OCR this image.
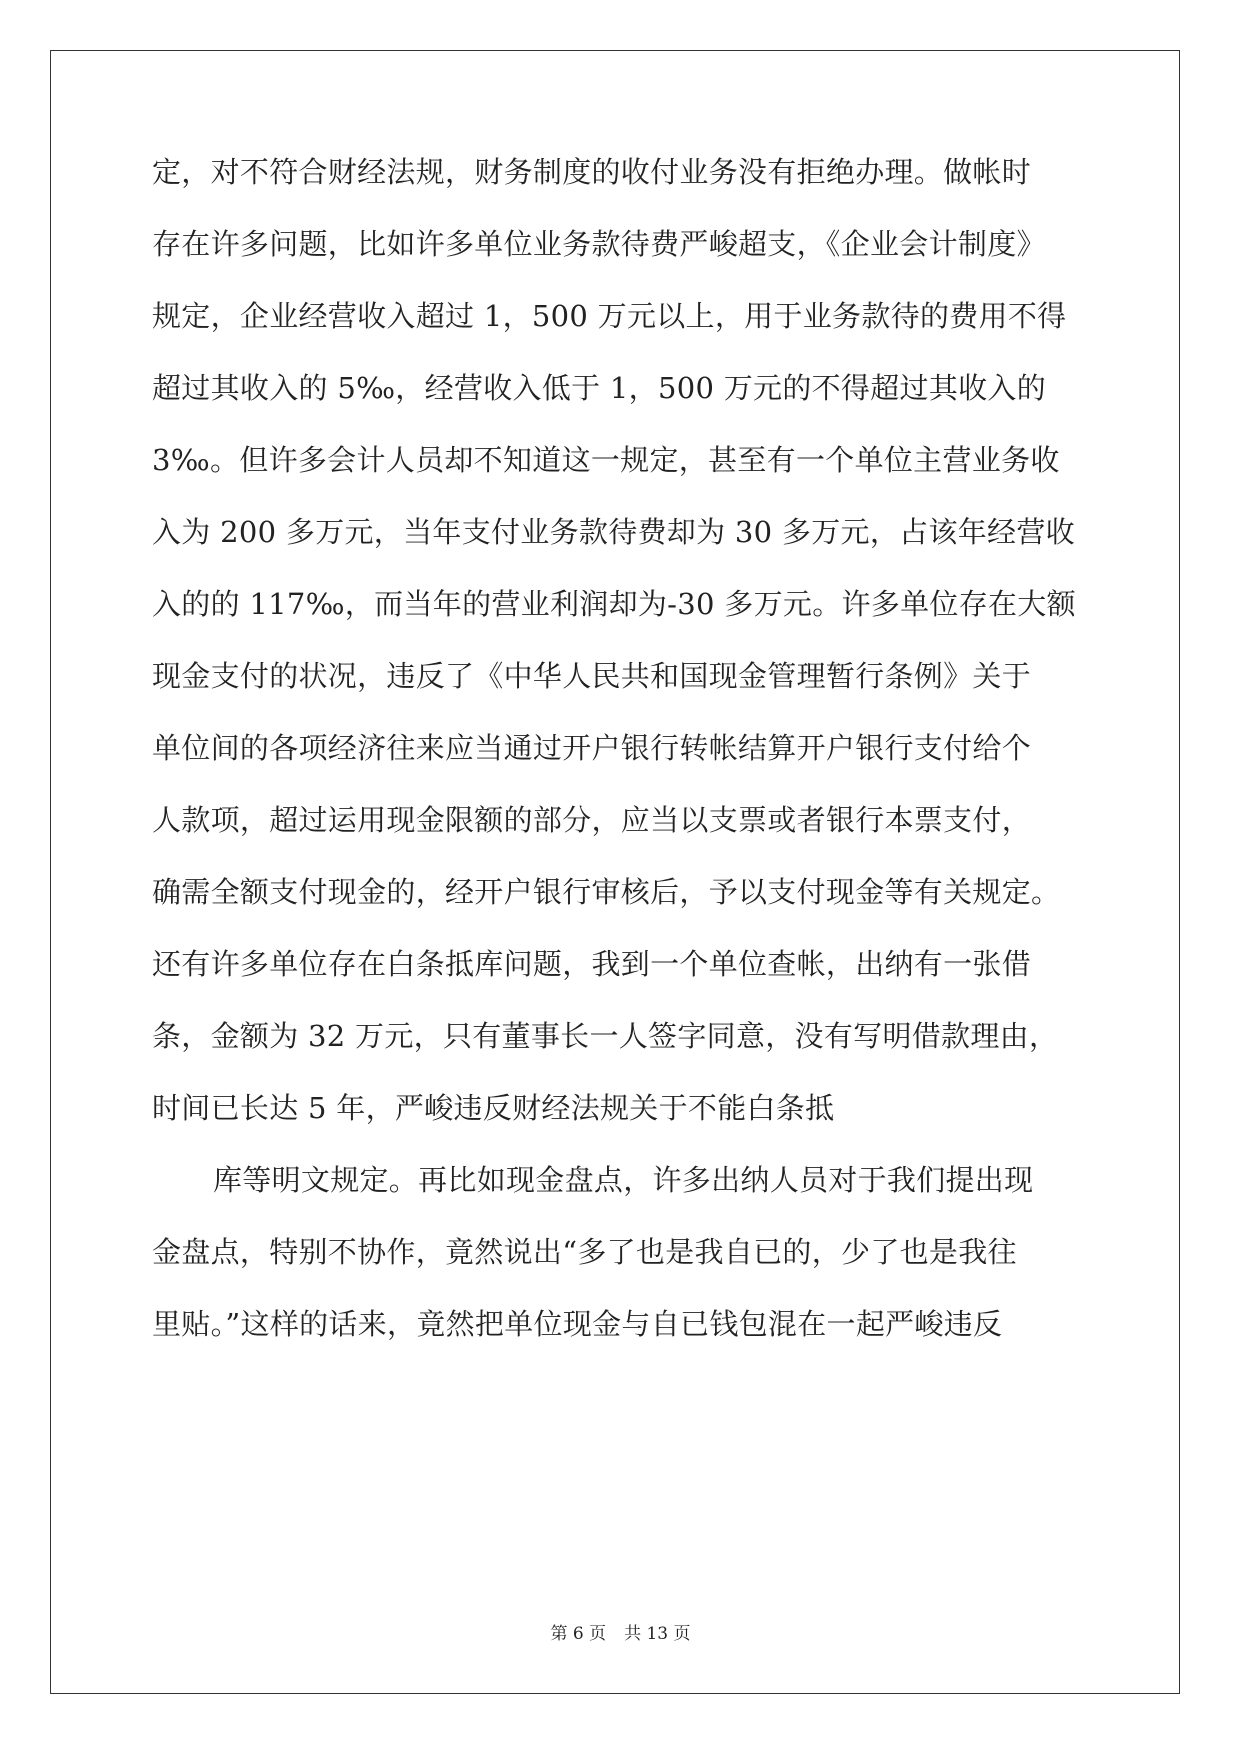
定，对不符合财经法规，财务制度的收付业务没有拒绝办理。做帐时
存在许多问题，比如许多单位业务款待费严峻超支，《企业会计制度》
规定，企业经营收入超过 1，500 万元以上，用于业务款待的费用不得
超过其收入的 5‰，经营收入低于 1，500 万元的不得超过其收入的
3‰。但许多会计人员却不知道这一规定，甚至有一个单位主营业务收
入为 200 多万元，当年支付业务款待费却为 30 多万元，占该年经营收
入的的 117‰，而当年的营业利润却为-30 多万元。许多单位存在大额
现金支付的状况，违反了《中华人民共和国现金管理暂行条例》关于
单位间的各项经济往来应当通过开户银行转帐结算开户银行支付给个
人款项，超过运用现金限额的部分，应当以支票或者银行本票支付，
确需全额支付现金的，经开户银行审核后，予以支付现金等有关规定。
还有许多单位存在白条抵库问题，我到一个单位查帐，出纳有一张借
条，金额为 32 万元，只有董事长一人签字同意，没有写明借款理由，
时间已长达 5 年，严峻违反财经法规关于不能白条抵
库等明文规定。再比如现金盘点，许多出纳人员对于我们提出现
金盘点，特别不协作，竟然说出“多了也是我自已的，少了也是我往
里贴。”这样的话来，竟然把单位现金与自已钱包混在一起严峻违反
第 6 页 共 13 页
